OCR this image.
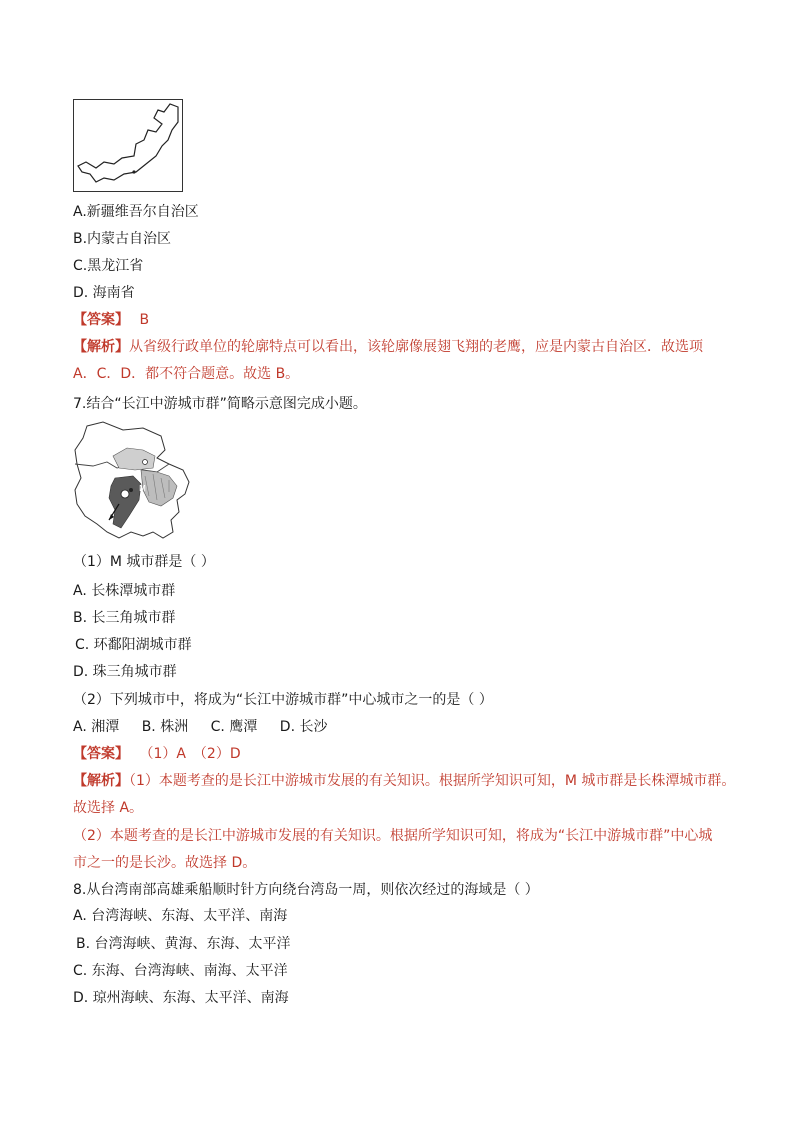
A.新疆维吾尔自治区
B.内蒙古自治区
C.黑龙江省
D. 海南省
【答案】 B
【解析】从省级行政单位的轮廓特点可以看出，该轮廓像展翅飞翔的老鹰，应是内蒙古自治区．故选项
A．C．D．都不符合题意。故选 B。
7.结合“长江中游城市群”简略示意图完成小题。
M
（1）M 城市群是（ ）
A. 长株潭城市群
B. 长三角城市群
C. 环鄱阳湖城市群
D. 珠三角城市群
（2）下列城市中，将成为“长江中游城市群”中心城市之一的是（ ）
A. 湘潭 B. 株洲 C. 鹰潭 D. 长沙
【答案】 （1）A　（2）D
【解析】（1）本题考查的是长江中游城市发展的有关知识。根据所学知识可知，M 城市群是长株潭城市群。
故选择 A。
（2）本题考查的是长江中游城市发展的有关知识。根据所学知识可知，将成为“长江中游城市群”中心城
市之一的是长沙。故选择 D。
8.从台湾南部高雄乘船顺时针方向绕台湾岛一周，则依次经过的海域是（ ）
A. 台湾海峡、东海、太平洋、南海
B. 台湾海峡、黄海、东海、太平洋
C. 东海、台湾海峡、南海、太平洋
D. 琼州海峡、东海、太平洋、南海
